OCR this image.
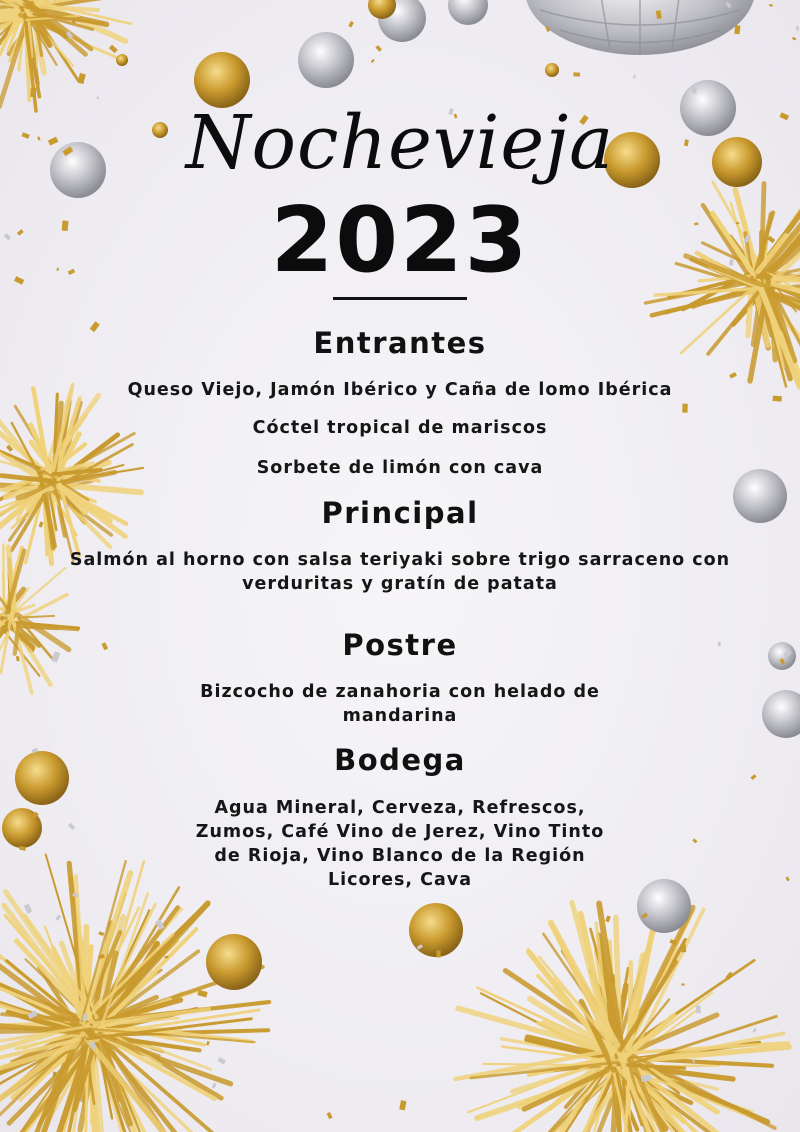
Nochevieja
2023
Entrantes
Queso Viejo, Jamón Ibérico y Caña de lomo Ibérica
Cóctel tropical de mariscos
Sorbete de limón con cava
Principal
Salmón al horno con salsa teriyaki sobre trigo sarraceno con
verduritas y gratín de patata
Postre
Bizcocho de zanahoria con helado de
mandarina
Bodega
Agua Mineral, Cerveza, Refrescos,
Zumos, Café Vino de Jerez, Vino Tinto
de Rioja, Vino Blanco de la Región
Licores, Cava
